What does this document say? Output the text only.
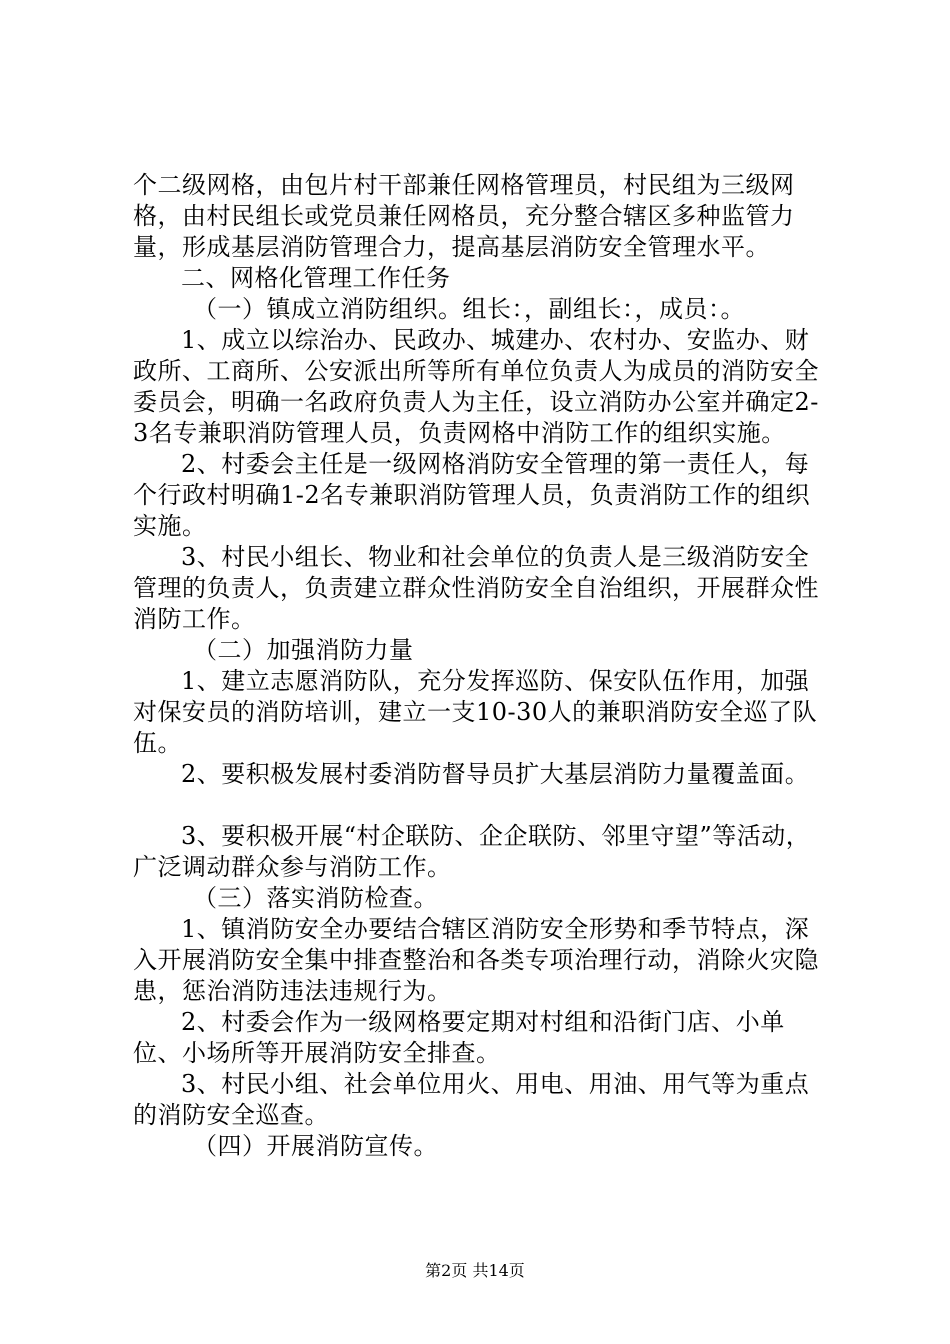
个二级网格，由包片村干部兼任网格管理员，村民组为三级网格，由村民组长或党员兼任网格员，充分整合辖区多种监管力量，形成基层消防管理合力，提高基层消防安全管理水平。

二、网格化管理工作任务

（一）镇成立消防组织。组长：，副组长：，成员：。

1、成立以综治办、民政办、城建办、农村办、安监办、财政所、工商所、公安派出所等所有单位负责人为成员的消防安全委员会，明确一名政府负责人为主任，设立消防办公室并确定2-3名专兼职消防管理人员，负责网格中消防工作的组织实施。

2、村委会主任是一级网格消防安全管理的第一责任人，每个行政村明确1-2名专兼职消防管理人员，负责消防工作的组织实施。

3、村民小组长、物业和社会单位的负责人是三级消防安全管理的负责人，负责建立群众性消防安全自治组织，开展群众性消防工作。

（二）加强消防力量

1、建立志愿消防队，充分发挥巡防、保安队伍作用，加强对保安员的消防培训，建立一支10-30人的兼职消防安全巡了队伍。

2、要积极发展村委消防督导员扩大基层消防力量覆盖面。

3、要积极开展“村企联防、企企联防、邻里守望”等活动，广泛调动群众参与消防工作。

（三）落实消防检查。

1、镇消防安全办要结合辖区消防安全形势和季节特点，深入开展消防安全集中排查整治和各类专项治理行动，消除火灾隐患，惩治消防违法违规行为。

2、村委会作为一级网格要定期对村组和沿街门店、小单位、小场所等开展消防安全排查。

3、村民小组、社会单位用火、用电、用油、用气等为重点的消防安全巡查。

（四）开展消防宣传。

第2页 共14页
